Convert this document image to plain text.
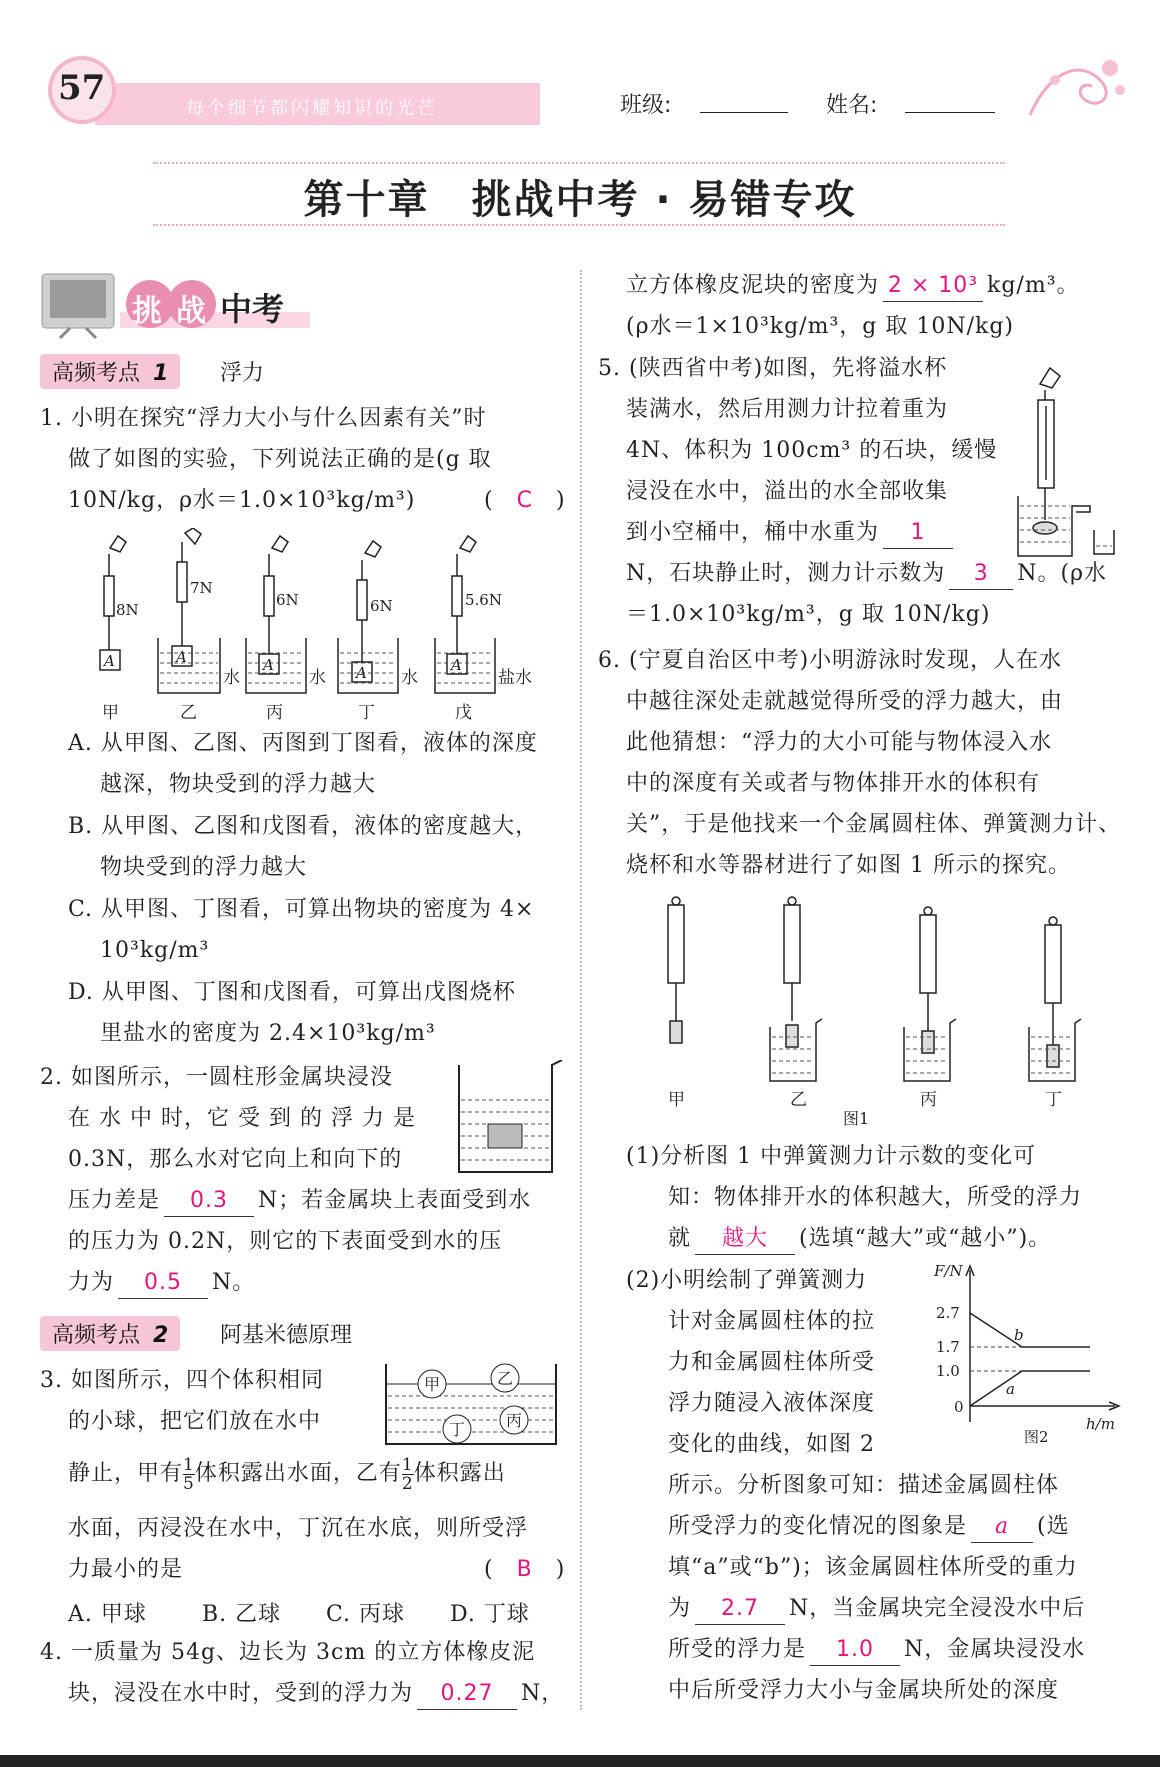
57
每个细节都闪耀知识的光芒	班级:	姓名:
第十章　挑战中考 · 易错专攻
挑战 中考
高频考点 1	浮力
1. 小明在探究“浮力大小与什么因素有关”时
做了如图的实验，下列说法正确的是(g 取
10N/kg，ρ水＝1.0×10³kg/m³)	(　C　)
8N
7N
6N	6N	5.6N
A	A	A	A	A
水	水	水	盐水
甲	乙	丙	丁	戊
A. 从甲图、乙图、丙图到丁图看，液体的深度
越深，物块受到的浮力越大
B. 从甲图、乙图和戊图看，液体的密度越大，
物块受到的浮力越大
C. 从甲图、丁图看，可算出物块的密度为 4×
10³kg/m³
D. 从甲图、丁图和戊图看，可算出戊图烧杯
里盐水的密度为 2.4×10³kg/m³
2. 如图所示，一圆柱形金属块浸没
在 水 中 时，它 受 到 的 浮 力 是
0.3N，那么水对它向上和向下的
压力差是 0.3 N；若金属块上表面受到水
的压力为 0.2N，则它的下表面受到水的压
力为 0.5 N。
高频考点 2	阿基米德原理
3. 如图所示，四个体积相同
的小球，把它们放在水中
甲	乙
丙
丁
静止，甲有 $\frac{1}{5}$ 体积露出水面，乙有 $\frac{1}{2}$ 体积露出
水面，丙浸没在水中，丁沉在水底，则所受浮
力最小的是	(　B　)
A. 甲球	B. 乙球 C. 丙球 D. 丁球
4. 一质量为 54g、边长为 3cm 的立方体橡皮泥
块，浸没在水中时，受到的浮力为 0.27 N，
立方体橡皮泥块的密度为 2 × 10³ kg/m³。
(ρ水＝1×10³kg/m³，g 取 10N/kg)
5. (陕西省中考)如图，先将溢水杯
装满水，然后用测力计拉着重为
4N、体积为 100cm³ 的石块，缓慢
浸没在水中，溢出的水全部收集
到小空桶中，桶中水重为 1
N，石块静止时，测力计示数为 3 N。(ρ水
＝1.0×10³kg/m³，g 取 10N/kg)
6. (宁夏自治区中考)小明游泳时发现，人在水
中越往深处走就越觉得所受的浮力越大，由
此他猜想：“浮力的大小可能与物体浸入水
中的深度有关或者与物体排开水的体积有
关”，于是他找来一个金属圆柱体、弹簧测力计、
烧杯和水等器材进行了如图 1 所示的探究。
甲	乙	丙	丁
图1
(1)分析图 1 中弹簧测力计示数的变化可
知：物体排开水的体积越大，所受的浮力
就 越大 (选填“越大”或“越小”)。
(2)小明绘制了弹簧测力
计对金属圆柱体的拉
力和金属圆柱体所受
浮力随浸入液体深度
变化的曲线，如图 2
F/N
h/m
2.7
1.7
1.0
0
b
a
图2
所示。分析图象可知：描述金属圆柱体
所受浮力的变化情况的图象是 a (选
填“a”或“b”)；该金属圆柱体所受的重力
为 2.7 N，当金属块完全浸没水中后
所受的浮力是 1.0 N，金属块浸没水
中后所受浮力大小与金属块所处的深度
